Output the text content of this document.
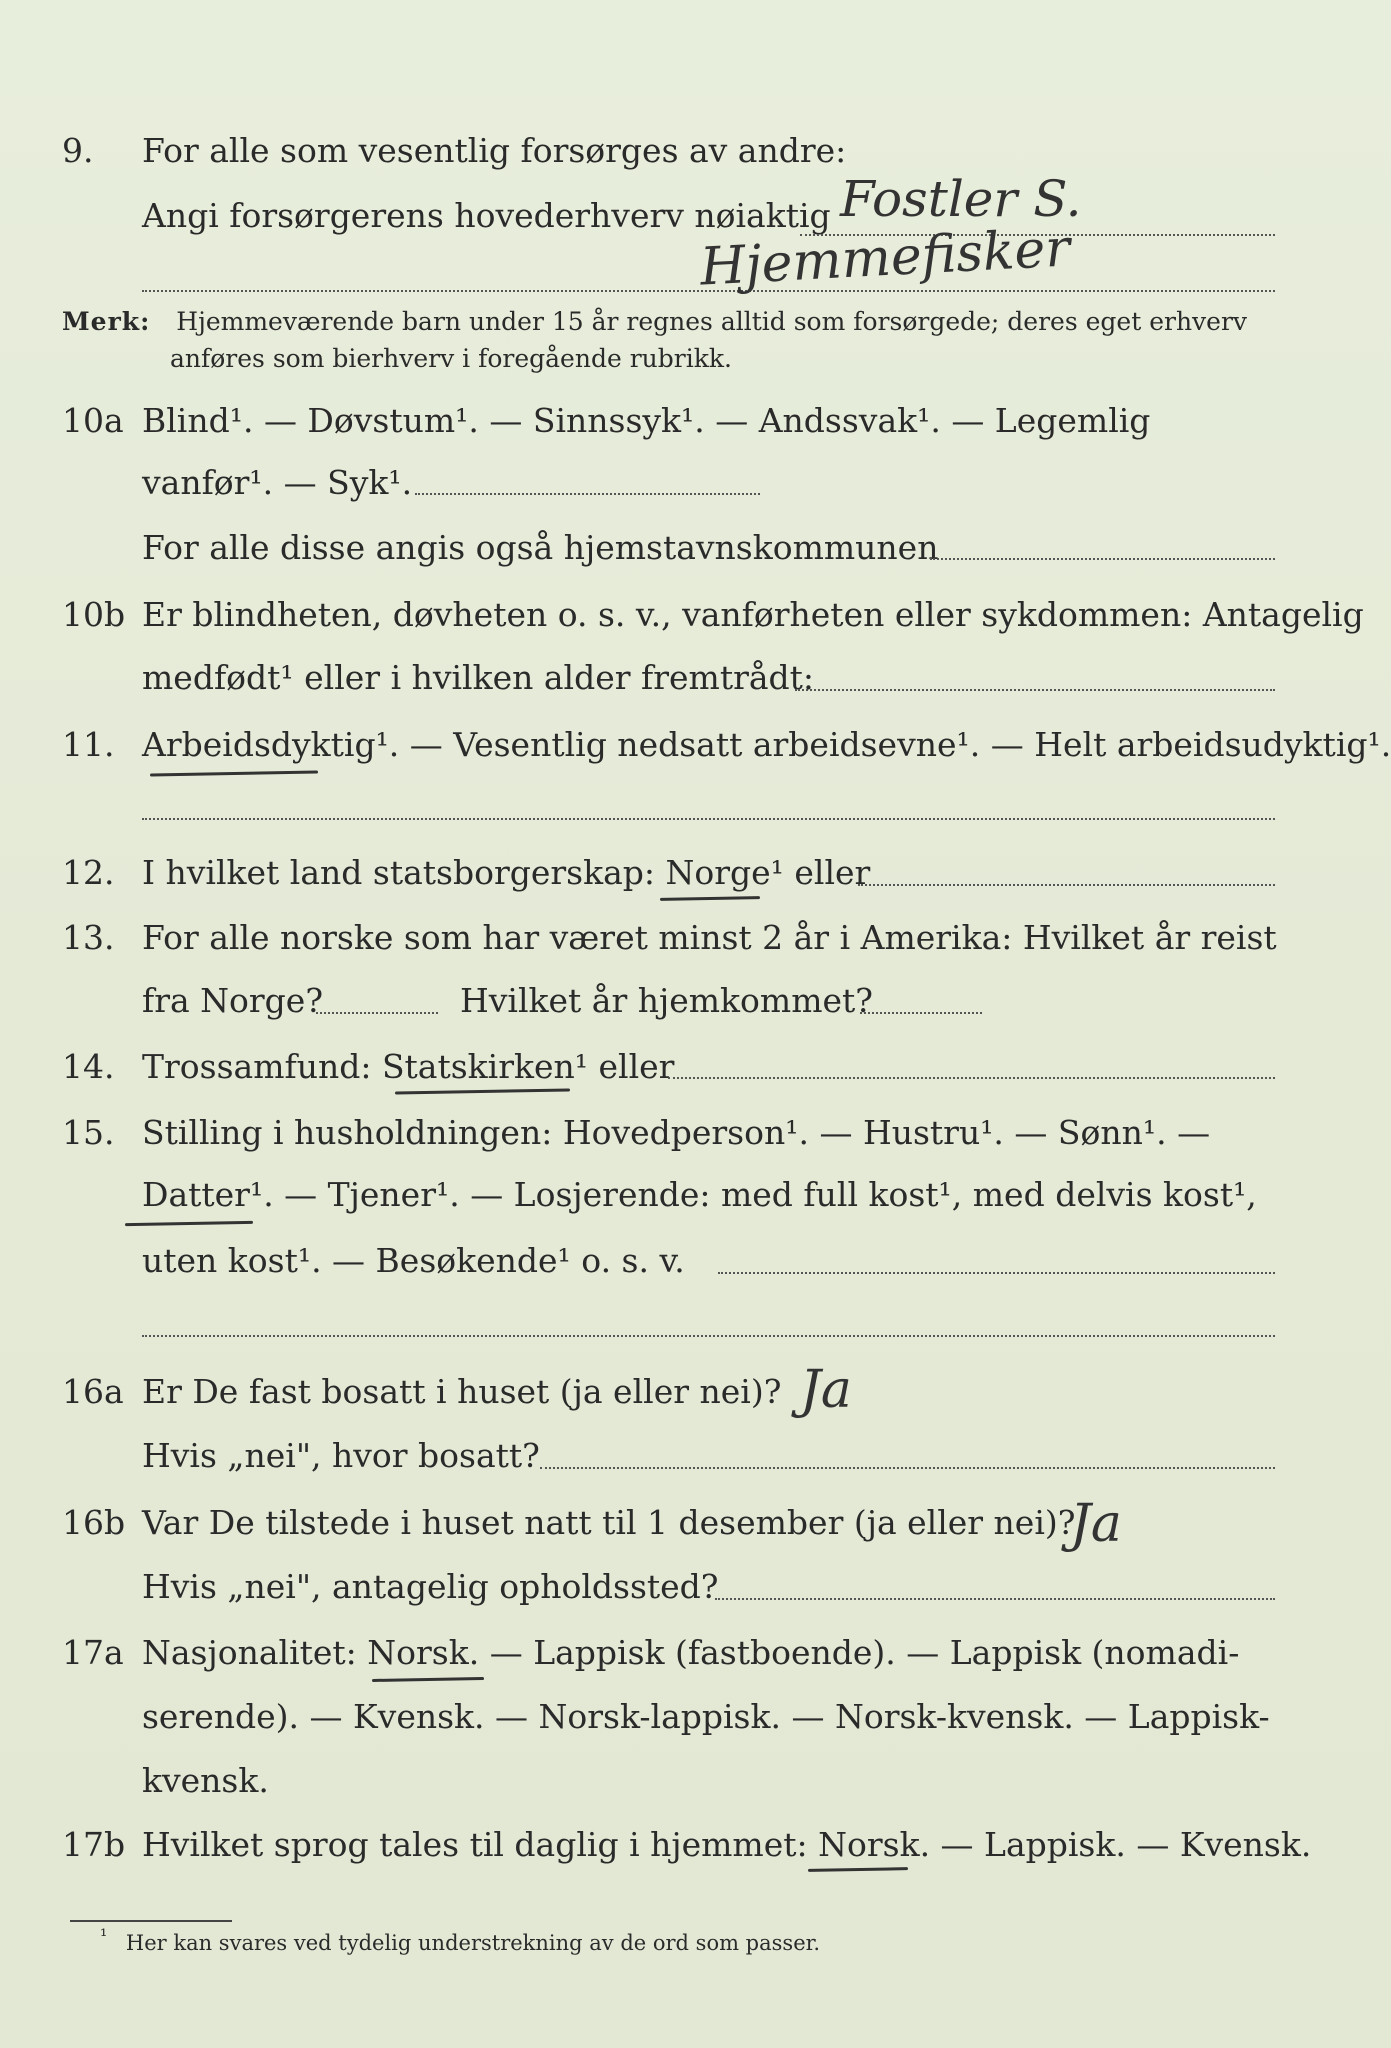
9. For alle som vesentlig forsørges av andre:
Angi forsørgerens hovederhverv nøiaktig Fostler S.
Hjemmefisker
Merk: Hjemmeværende barn under 15 år regnes alltid som forsørgede; deres eget erhverv
anføres som bierhverv i foregående rubrikk.
10a Blind¹. — Døvstum¹. — Sinnssyk¹. — Andssvak¹. — Legemlig
vanfør¹. — Syk¹.
For alle disse angis også hjemstavnskommunen
10b Er blindheten, døvheten o. s. v., vanførheten eller sykdommen: Antagelig
medfødt¹ eller i hvilken alder fremtrådt:
11. Arbeidsdyktig¹. — Vesentlig nedsatt arbeidsevne¹. — Helt arbeidsudyktig¹.
12. I hvilket land statsborgerskap: Norge¹ eller
13. For alle norske som har været minst 2 år i Amerika: Hvilket år reist
fra Norge?	Hvilket år hjemkommet?
14. Trossamfund: Statskirken¹ eller
15. Stilling i husholdningen: Hovedperson¹. — Hustru¹. — Sønn¹. —
Datter¹. — Tjener¹. — Losjerende: med full kost¹, med delvis kost¹,
uten kost¹. — Besøkende¹ o. s. v.
16a Er De fast bosatt i huset (ja eller nei)? Ja
Hvis „nei", hvor bosatt?
16b Var De tilstede i huset natt til 1 desember (ja eller nei)?
Ja
Hvis „nei", antagelig opholdssted?
17a Nasjonalitet: Norsk. — Lappisk (fastboende). — Lappisk (nomadi-
serende). — Kvensk. — Norsk-lappisk. — Norsk-kvensk. — Lappisk-
kvensk.
17b Hvilket sprog tales til daglig i hjemmet: Norsk. — Lappisk. — Kvensk.
¹ Her kan svares ved tydelig understrekning av de ord som passer.
